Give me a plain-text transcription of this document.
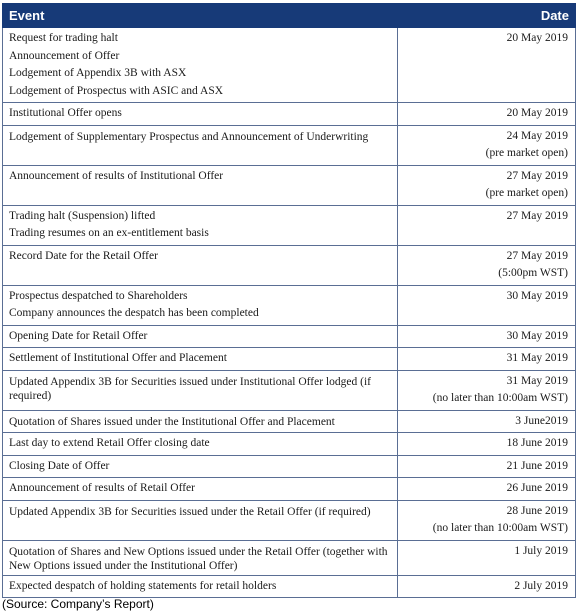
Event	Date

Request for trading halt
Announcement of Offer
Lodgement of Appendix 3B with ASX
Lodgement of Prospectus with ASIC and ASX	20 May 2019

Institutional Offer opens	20 May 2019

Lodgement of Supplementary Prospectus and Announcement of Underwriting	24 May 2019
(pre market open)

Announcement of results of Institutional Offer	27 May 2019
(pre market open)

Trading halt (Suspension) lifted
Trading resumes on an ex-entitlement basis	27 May 2019

Record Date for the Retail Offer	27 May 2019
(5:00pm WST)

Prospectus despatched to Shareholders
Company announces the despatch has been completed	30 May 2019

Opening Date for Retail Offer	30 May 2019

Settlement of Institutional Offer and Placement	31 May 2019

Updated Appendix 3B for Securities issued under Institutional Offer lodged (if required)	31 May 2019
(no later than 10:00am WST)

Quotation of Shares issued under the Institutional Offer and Placement	3 June2019

Last day to extend Retail Offer closing date	18 June 2019

Closing Date of Offer	21 June 2019

Announcement of results of Retail Offer	26 June 2019

Updated Appendix 3B for Securities issued under the Retail Offer (if required)	28 June 2019
(no later than 10:00am WST)

Quotation of Shares and New Options issued under the Retail Offer (together with New Options issued under the Institutional Offer)	1 July 2019

Expected despatch of holding statements for retail holders	2 July 2019
(Source: Company’s Report)
